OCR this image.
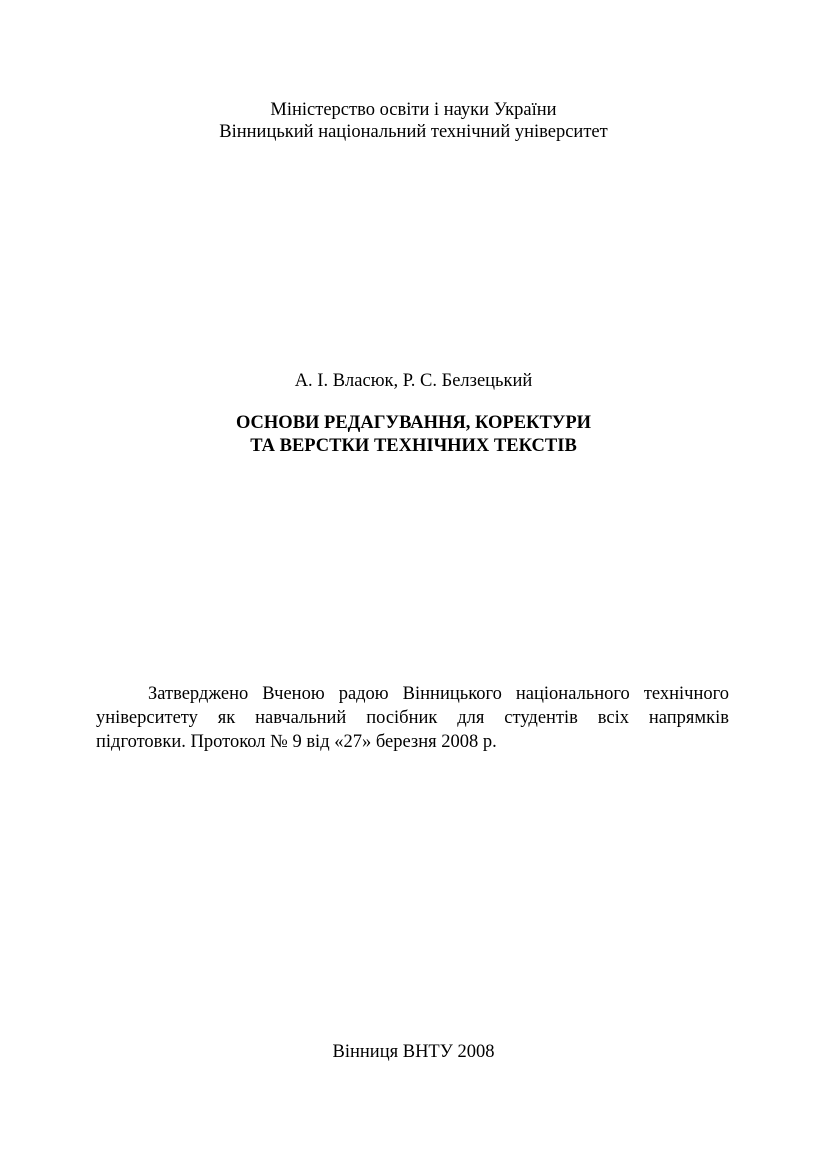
Міністерство освіти і науки України
Вінницький національний технічний університет
А. І. Власюк, Р. С. Белзецький
ОСНОВИ РЕДАГУВАННЯ, КОРЕКТУРИ
ТА ВЕРСТКИ ТЕХНІЧНИХ ТЕКСТІВ
Затверджено Вченою радою Вінницького національного технічного
університету як навчальний посібник для студентів всіх напрямків
підготовки. Протокол № 9 від «27» березня 2008 р.
Вінниця ВНТУ 2008
